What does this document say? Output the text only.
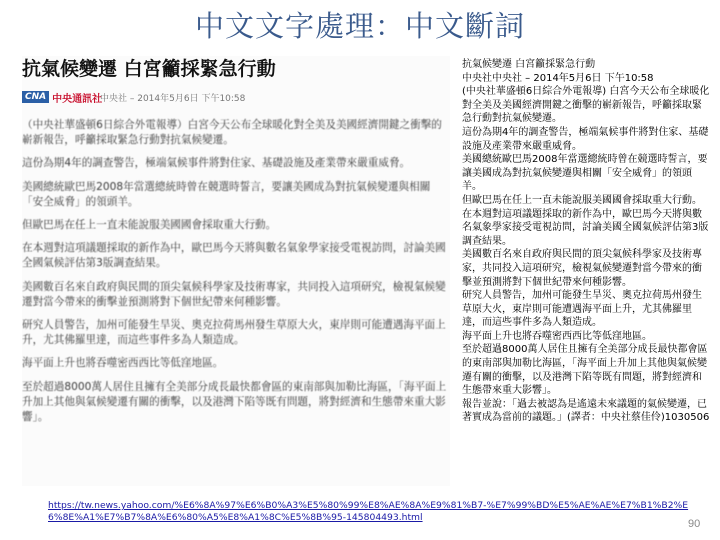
中文文字處理：中文斷詞
抗氣候變遷 白宮籲採緊急行動
CNA 中央通訊社
中央社 – 2014年5月6日 下午10:58

（中央社華盛頓6日綜合外電報導）白宮今天公布全球暖化對全美及美國經濟開鍵之衝擊的嶄新報告，呼籲採取緊急行動對抗氣候變遷。

這份為期4年的調查警告，極端氣候事件將對住家、基礎設施及產業帶來嚴重威脅。

美國總統歐巴馬2008年當選總統時曾在競選時誓言，要讓美國成為對抗氣候變遷與相關「安全威脅」的領頭羊。

但歐巴馬在任上一直未能說服美國國會採取重大行動。

在本週對這項議題採取的新作為中，歐巴馬今天將與數名氣象學家接受電視訪問，討論美國全國氣候評估第3版調查結果。

美國數百名來自政府與民間的頂尖氣候科學家及技術專家，共同投入這項研究，檢視氣候變遷對當今帶來的衝擊並預測將對下個世紀帶來何種影響。

研究人員警告，加州可能發生旱災、奧克拉荷馬州發生草原大火，東岸則可能遭遇海平面上升，尤其佛羅里達，而這些事件多為人類造成。

海平面上升也將吞噬密西西比等低窪地區。

至於超過8000萬人居住且擁有全美部分成長最快都會區的東南部與加勒比海區，「海平面上升加上其他與氣候變遷有關的衝擊，以及港灣下陷等既有問題，將對經濟和生態帶來重大影響」。

抗氣候變遷 白宮籲採緊急行動
中央社中央社 – 2014年5月6日 下午10:58
(中央社華盛頓6日綜合外電報導) 白宮今天公布全球暖化對全美及美國經濟開鍵之衝擊的嶄新報告，呼籲採取緊急行動對抗氣候變遷。
這份為期4年的調查警告，極端氣候事件將對住家、基礎設施及產業帶來嚴重威脅。
美國總統歐巴馬2008年當選總統時曾在競選時誓言，要讓美國成為對抗氣候變遷與相關「安全威脅」的領頭羊。
但歐巴馬在任上一直未能說服美國國會採取重大行動。
在本週對這項議題採取的新作為中，歐巴馬今天將與數名氣象學家接受電視訪問，討論美國全國氣候評估第3版調查結果。
美國數百名來自政府與民間的頂尖氣候科學家及技術專家，共同投入這項研究，檢視氣候變遷對當今帶來的衝擊並預測將對下個世紀帶來何種影響。
研究人員警告，加州可能發生旱災、奧克拉荷馬州發生草原大火，東岸則可能遭遇海平面上升，尤其佛羅里達，而這些事件多為人類造成。
海平面上升也將吞噬密西西比等低窪地區。
至於超過8000萬人居住且擁有全美部分成長最快都會區的東南部與加勒比海區，「海平面上升加上其他與氣候變遷有關的衝擊，以及港灣下陷等既有問題，將對經濟和生態帶來重大影響」。
報告並說：「過去被認為是遙遠未來議題的氣候變遷，已著實成為當前的議題。」(譯者：中央社蔡佳伶)1030506
https://tw.news.yahoo.com/%E6%8A%97%E6%B0%A3%E5%80%99%E8%AE%8A%E9%81%B7-%E7%99%BD%E5%AE%AE%E7%B1%B2%E6%8E%A1%E7%B7%8A%E6%80%A5%E8%A1%8C%E5%8B%95-145804493.html
90
